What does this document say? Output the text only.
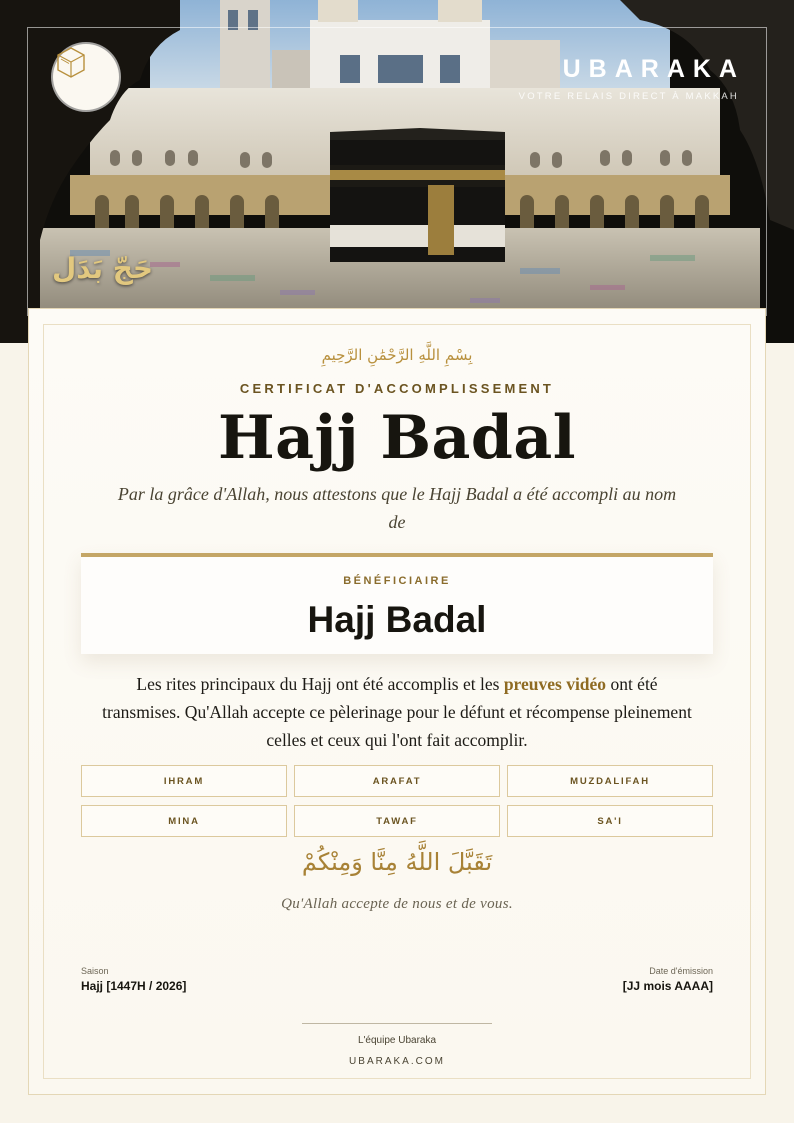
UBARAKA
VOTRE RELAIS DIRECT À MAKKAH
حَجّ بَدَل
بِسْمِ اللَّهِ الرَّحْمَٰنِ الرَّحِيمِ
CERTIFICAT D'ACCOMPLISSEMENT
Hajj Badal
Par la grâce d'Allah, nous attestons que le Hajj Badal a été accompli au nom de
BÉNÉFICIAIRE
Hajj Badal
Les rites principaux du Hajj ont été accomplis et les preuves vidéo ont été transmises. Qu'Allah accepte ce pèlerinage pour le défunt et récompense pleinement celles et ceux qui l'ont fait accomplir.
IHRAM	ARAFAT	MUZDALIFAH
MINA	TAWAF	SA'I
تَقَبَّلَ اللَّهُ مِنَّا وَمِنْكُمْ
Qu'Allah accepte de nous et de vous.
Saison
Hajj [1447H / 2026]
Date d'émission
[JJ mois AAAA]
L'équipe Ubaraka
UBARAKA.COM
